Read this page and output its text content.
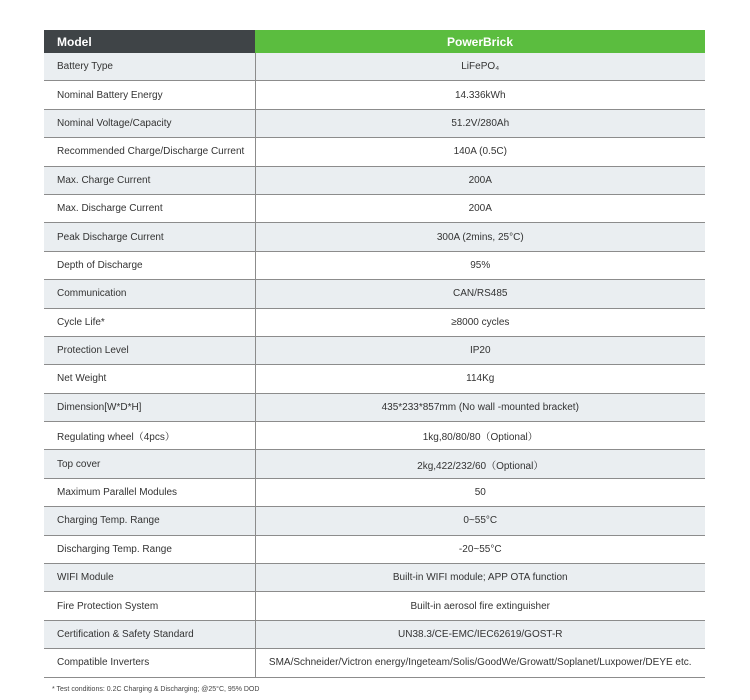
Model	PowerBrick
Battery Type	LiFePO₄
Nominal Battery Energy	14.336kWh
Nominal Voltage/Capacity	51.2V/280Ah
Recommended Charge/Discharge Current	140A (0.5C)
Max. Charge Current	200A
Max. Discharge Current	200A
Peak Discharge Current	300A (2mins, 25°C)
Depth of Discharge	95%
Communication	CAN/RS485
Cycle Life*	≥8000 cycles
Protection Level	IP20
Net Weight	114Kg
Dimension[W*D*H]	435*233*857mm (No wall -mounted bracket)
Regulating wheel（4pcs）	1kg,80/80/80（Optional）
Top cover	2kg,422/232/60（Optional）
Maximum Parallel Modules	50
Charging Temp. Range	0~55°C
Discharging Temp. Range	-20~55°C
WIFI Module	Built-in WIFI module; APP OTA function
Fire Protection System	Built-in aerosol fire extinguisher
Certification & Safety Standard	UN38.3/CE-EMC/IEC62619/GOST-R
Compatible Inverters	SMA/Schneider/Victron energy/Ingeteam/Solis/GoodWe/Growatt/Soplanet/Luxpower/DEYE etc.
* Test conditions: 0.2C Charging & Discharging; @25°C, 95% DOD
